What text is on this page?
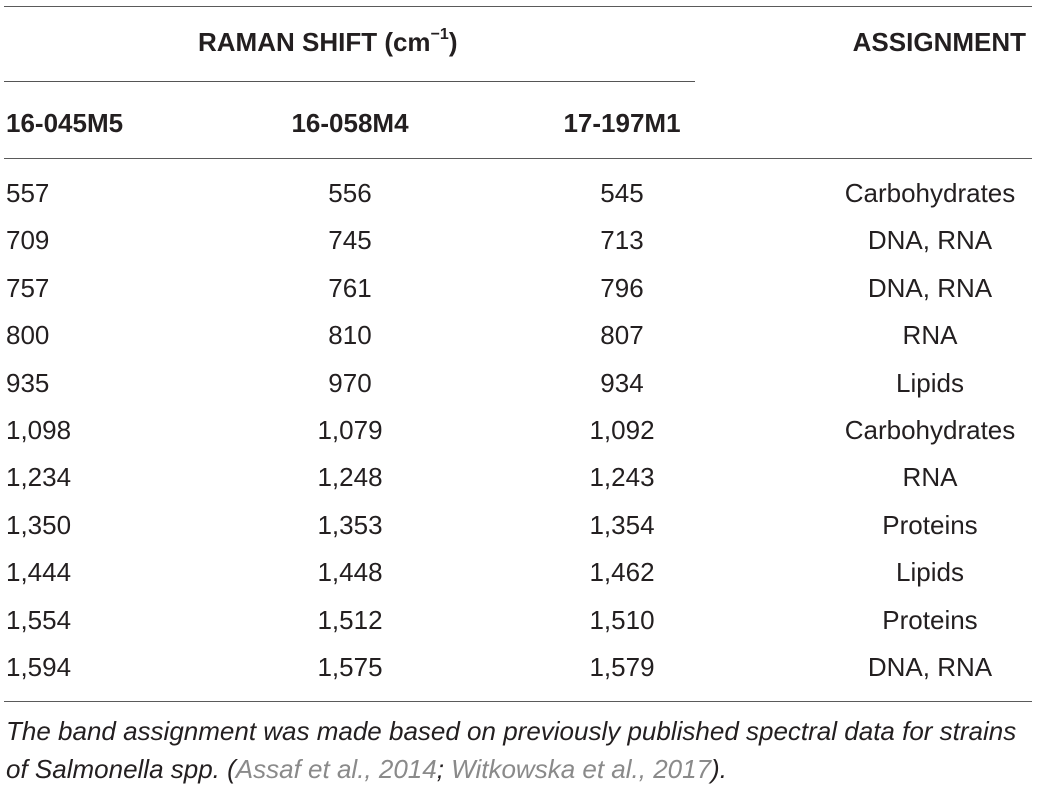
RAMAN SHIFT $(cm^{-1})$	ASSIGNMENT
16-045M5	16-058M4	17-197M1
557	556	545	Carbohydrates
709	745	713	DNA, RNA
757	761	796	DNA, RNA
800	810	807	RNA
935	970	934	Lipids
1,098	1,079	1,092	Carbohydrates
1,234	1,248	1,243	RNA
1,350	1,353	1,354	Proteins
1,444	1,448	1,462	Lipids
1,554	1,512	1,510	Proteins
1,594	1,575	1,579	DNA, RNA
The band assignment was made based on previously published spectral data for strains of Salmonella spp. (Assaf et al., 2014; Witkowska et al., 2017).
